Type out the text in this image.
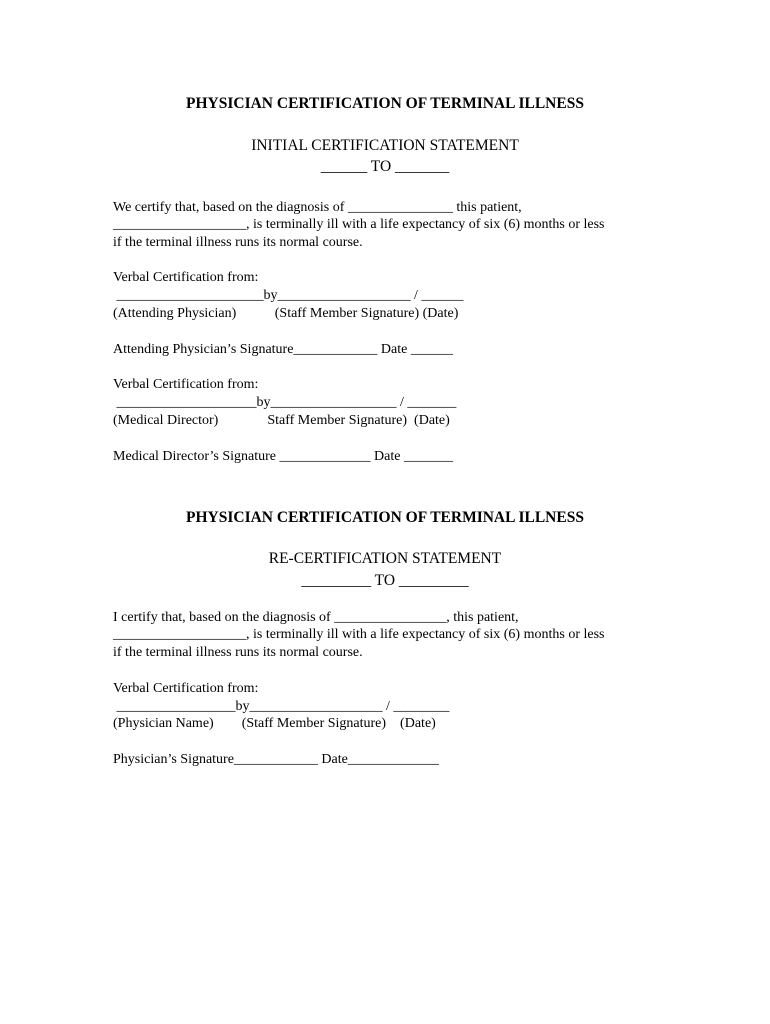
PHYSICIAN CERTIFICATION OF TERMINAL ILLNESS
INITIAL CERTIFICATION STATEMENT
______ TO _______
We certify that, based on the diagnosis of _______________ this patient,
___________________, is terminally ill with a life expectancy of six (6) months or less
if the terminal illness runs its normal course.
Verbal Certification from:
_____________________by___________________ / ______
(Attending Physician)           (Staff Member Signature) (Date)
Attending Physician’s Signature____________ Date ______
Verbal Certification from:
____________________by__________________ / _______
(Medical Director)              Staff Member Signature)  (Date)
Medical Director’s Signature _____________ Date _______
PHYSICIAN CERTIFICATION OF TERMINAL ILLNESS
RE-CERTIFICATION STATEMENT
_________ TO _________
I certify that, based on the diagnosis of ________________, this patient,
___________________, is terminally ill with a life expectancy of six (6) months or less
if the terminal illness runs its normal course.
Verbal Certification from:
_________________by___________________ / ________
(Physician Name)        (Staff Member Signature)    (Date)
Physician’s Signature____________ Date_____________
